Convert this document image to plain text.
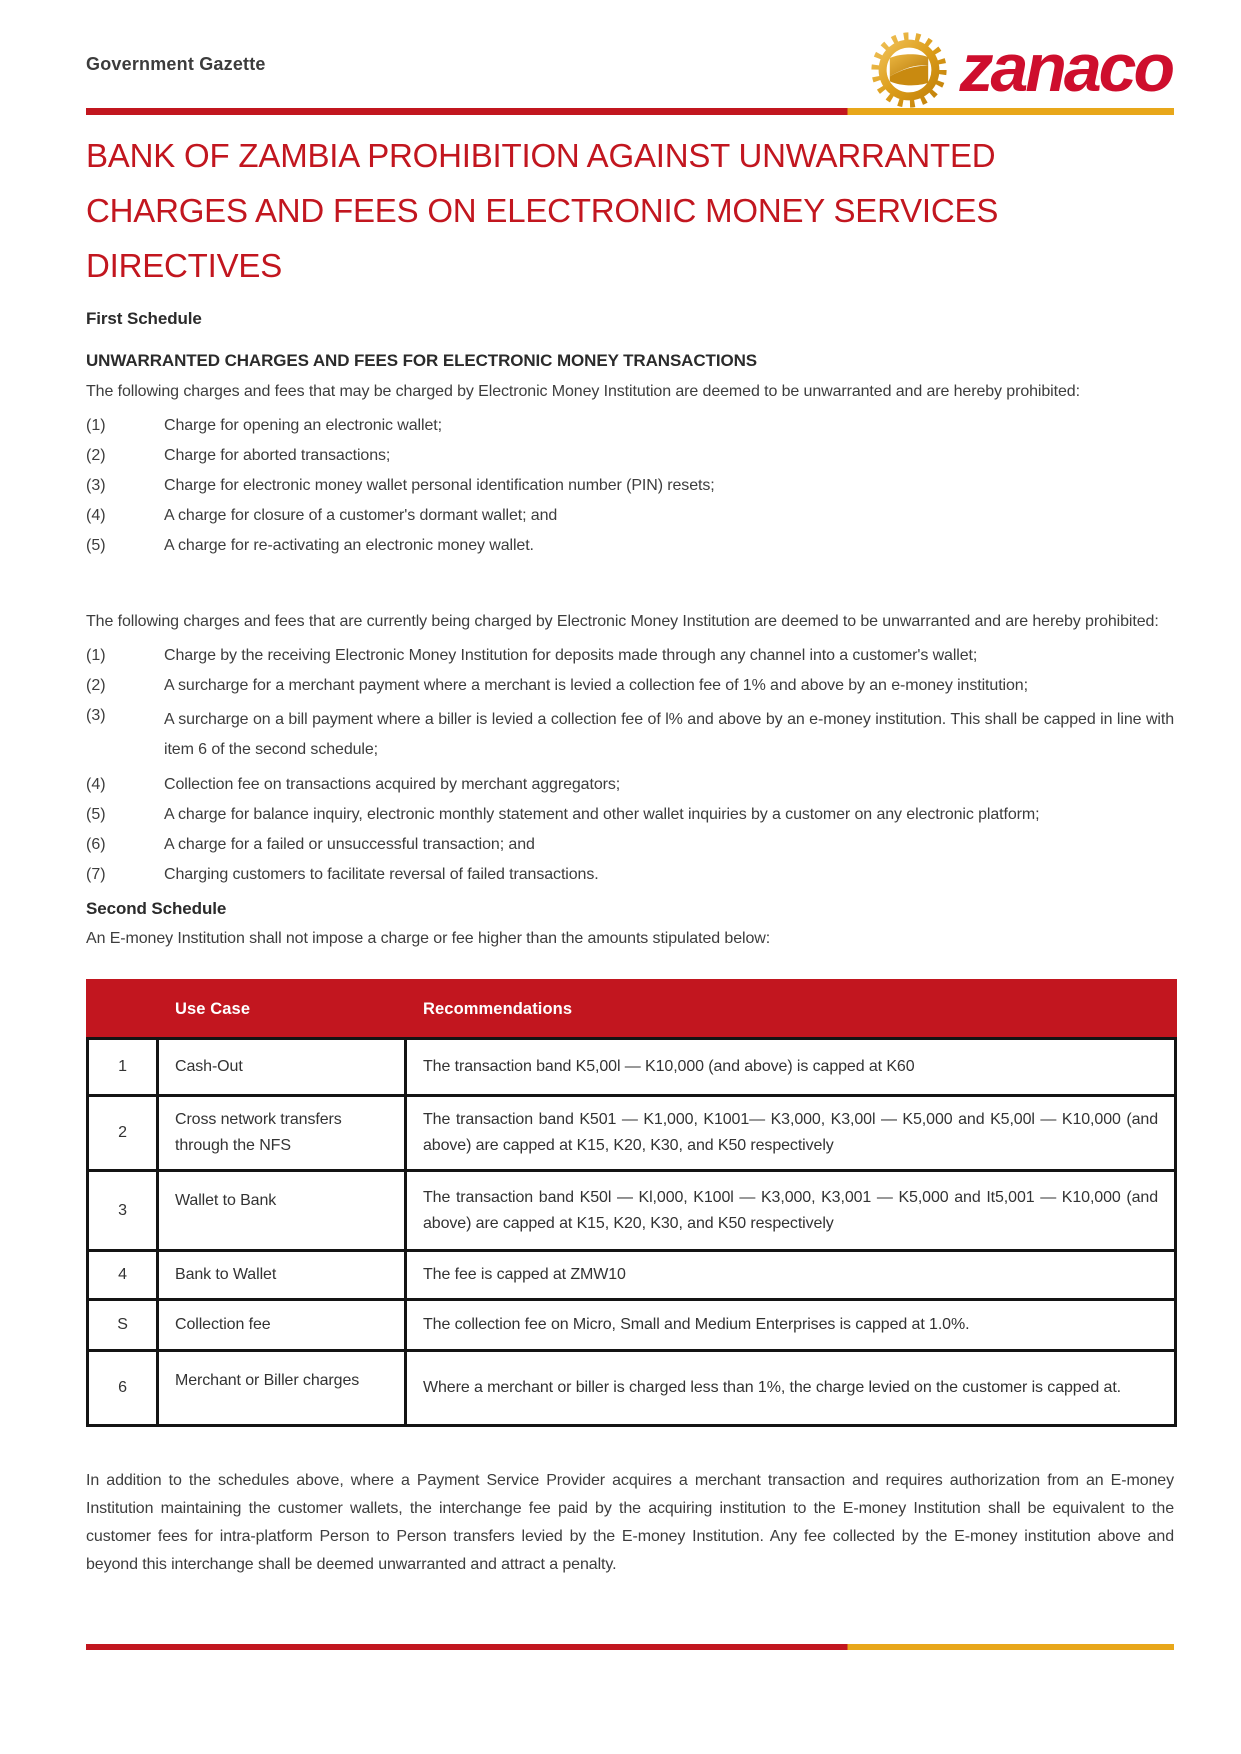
Government Gazette	zanaco
BANK OF ZAMBIA PROHIBITION AGAINST UNWARRANTED
CHARGES AND FEES ON ELECTRONIC MONEY SERVICES DIRECTIVES
First Schedule
UNWARRANTED CHARGES AND FEES FOR ELECTRONIC MONEY TRANSACTIONS

The following charges and fees that may be charged by Electronic Money Institution are deemed to be unwarranted and are hereby prohibited:

(1)	Charge for opening an electronic wallet;
(2)	Charge for aborted transactions;
(3)	Charge for electronic money wallet personal identification number (PIN) resets;
(4)	A charge for closure of a customer's dormant wallet; and
(5)	A charge for re-activating an electronic money wallet.

The following charges and fees that are currently being charged by Electronic Money Institution are deemed to be unwarranted and are hereby prohibited:

(1)	Charge by the receiving Electronic Money Institution for deposits made through any channel into a customer's wallet;
(2)	A surcharge for a merchant payment where a merchant is levied a collection fee of 1% and above by an e-money institution;
(3)	A surcharge on a bill payment where a biller is levied a collection fee of l% and above by an e-money institution. This shall be capped in line with item 6 of the second schedule;
(4)	Collection fee on transactions acquired by merchant aggregators;
(5)	A charge for balance inquiry, electronic monthly statement and other wallet inquiries by a customer on any electronic platform;
(6)	A charge for a failed or unsuccessful transaction; and
(7)	Charging customers to facilitate reversal of failed transactions.
Second Schedule

An E-money Institution shall not impose a charge or fee higher than the amounts stipulated below:

	Use Case	Recommendations
1	Cash-Out	The transaction band K5,00l — K10,000 (and above) is capped at K60
2	Cross network transfers through the NFS	The transaction band K501 — K1,000, K1001— K3,000, K3,00l — K5,000 and K5,00l — K10,000 (and above) are capped at K15, K20, K30, and K50 respectively
3	Wallet to Bank	The transaction band K50l — Kl,000, K100l — K3,000, K3,001 — K5,000 and It5,001 — K10,000 (and above) are capped at K15, K20, K30, and K50 respectively
4	Bank to Wallet	The fee is capped at ZMW10
S	Collection fee	The collection fee on Micro, Small and Medium Enterprises is capped at 1.0%.
6	Merchant or Biller charges	Where a merchant or biller is charged less than 1%, the charge levied on the customer is capped at.

In addition to the schedules above, where a Payment Service Provider acquires a merchant transaction and requires authorization from an E-money Institution maintaining the customer wallets, the interchange fee paid by the acquiring institution to the E-money Institution shall be equivalent to the customer fees for intra-platform Person to Person transfers levied by the E-money Institution. Any fee collected by the E-money institution above and beyond this interchange shall be deemed unwarranted and attract a penalty.
